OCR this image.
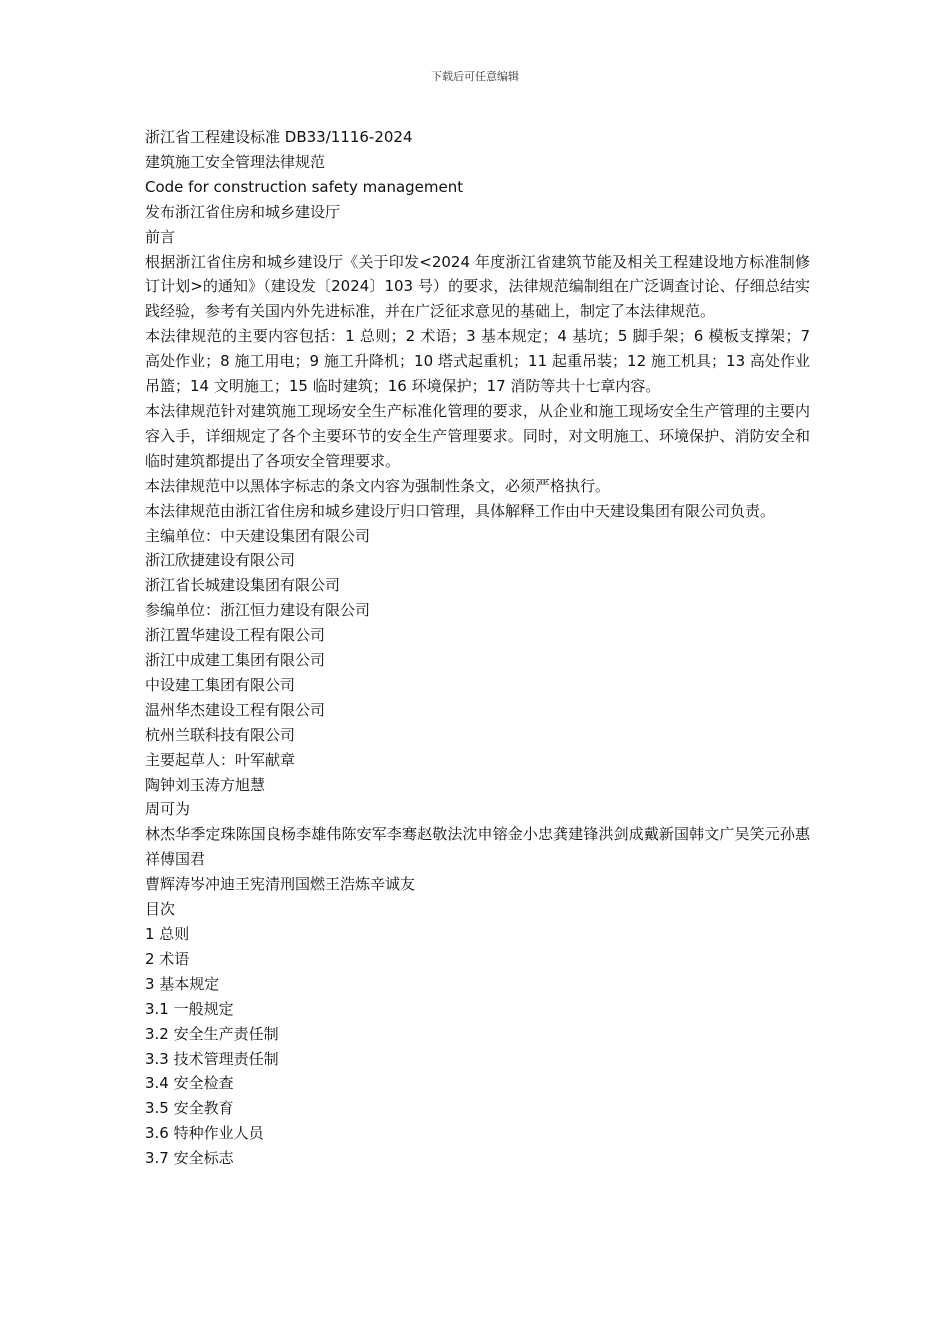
下载后可任意编辑

浙江省工程建设标准 DB33/1116-2024

建筑施工安全管理法律规范

Code for construction safety management

发布浙江省住房和城乡建设厅

前言

根据浙江省住房和城乡建设厅《关于印发<2024 年度浙江省建筑节能及相关工程建设地方标准制修订计划>的通知》（建设发〔2024〕103 号）的要求，法律规范编制组在广泛调查讨论、仔细总结实践经验，参考有关国内外先进标准，并在广泛征求意见的基础上，制定了本法律规范。

本法律规范的主要内容包括：1 总则；2 术语；3 基本规定；4 基坑；5 脚手架；6 模板支撑架；7 高处作业；8 施工用电；9 施工升降机；10 塔式起重机；11 起重吊装；12 施工机具；13 高处作业吊篮；14 文明施工；15 临时建筑；16 环境保护；17 消防等共十七章内容。

本法律规范针对建筑施工现场安全生产标准化管理的要求，从企业和施工现场安全生产管理的主要内容入手，详细规定了各个主要环节的安全生产管理要求。同时，对文明施工、环境保护、消防安全和临时建筑都提出了各项安全管理要求。

本法律规范中以黑体字标志的条文内容为强制性条文，必须严格执行。

本法律规范由浙江省住房和城乡建设厅归口管理，具体解释工作由中天建设集团有限公司负责。

主编单位：中天建设集团有限公司

浙江欣捷建设有限公司

浙江省长城建设集团有限公司

参编单位：浙江恒力建设有限公司

浙江置华建设工程有限公司

浙江中成建工集团有限公司

中设建工集团有限公司

温州华杰建设工程有限公司

杭州兰联科技有限公司

主要起草人：叶军献章

陶钟刘玉涛方旭慧

周可为

林杰华季定珠陈国良杨李雄伟陈安军李骞赵敬法沈申镕金小忠龚建锋洪剑成戴新国韩文广吴笑元孙惠祥傅国君

曹辉涛岑冲迪王宪清刑国燃王浩炼辛诚友

目次

1 总则

2 术语

3 基本规定

3.1 一般规定

3.2 安全生产责任制

3.3 技术管理责任制

3.4 安全检查

3.5 安全教育

3.6 特种作业人员

3.7 安全标志
